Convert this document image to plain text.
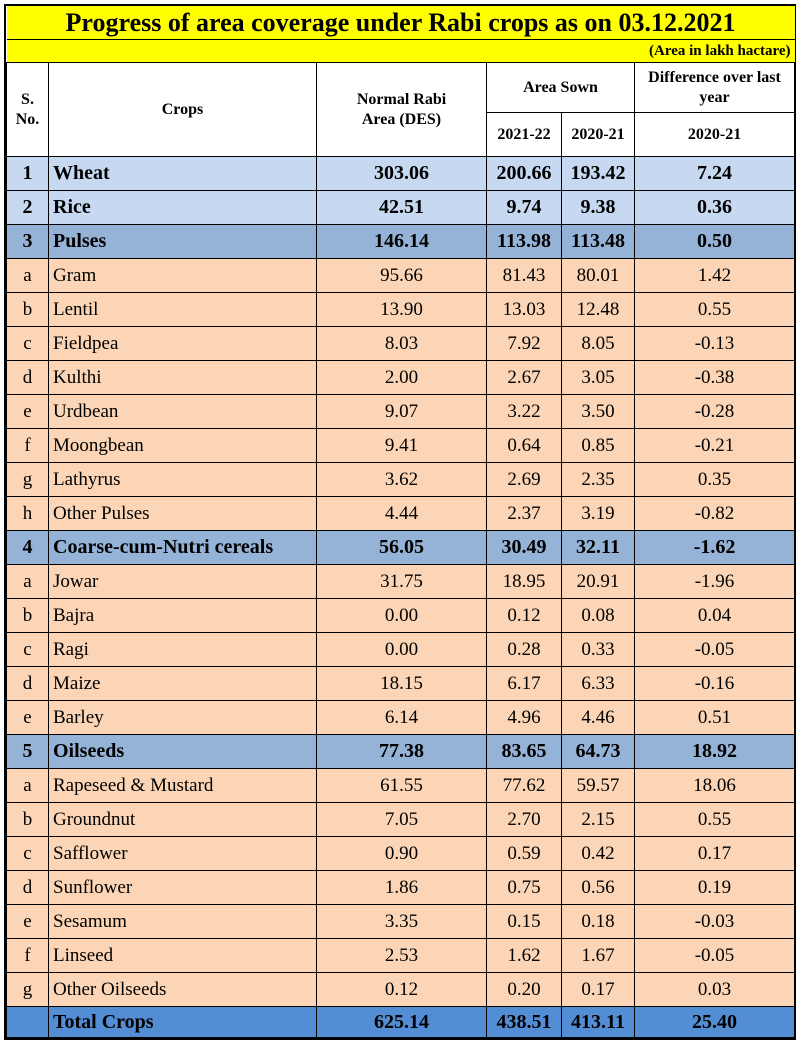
Progress of area coverage under Rabi crops as on 03.12.2021					
(Area in lakh hactare)					
S. No.	Crops	Normal Rabi Area (DES)	Area Sown		Difference over last year
			2021-22	2020-21	2020-21
1	Wheat	303.06	200.66	193.42	7.24
2	Rice	42.51	9.74	9.38	0.36
3	Pulses	146.14	113.98	113.48	0.50
a	Gram	95.66	81.43	80.01	1.42
b	Lentil	13.90	13.03	12.48	0.55
c	Fieldpea	8.03	7.92	8.05	-0.13
d	Kulthi	2.00	2.67	3.05	-0.38
e	Urdbean	9.07	3.22	3.50	-0.28
f	Moongbean	9.41	0.64	0.85	-0.21
g	Lathyrus	3.62	2.69	2.35	0.35
h	Other Pulses	4.44	2.37	3.19	-0.82
4	Coarse-cum-Nutri cereals	56.05	30.49	32.11	-1.62
a	Jowar	31.75	18.95	20.91	-1.96
b	Bajra	0.00	0.12	0.08	0.04
c	Ragi	0.00	0.28	0.33	-0.05
d	Maize	18.15	6.17	6.33	-0.16
e	Barley	6.14	4.96	4.46	0.51
5	Oilseeds	77.38	83.65	64.73	18.92
a	Rapeseed & Mustard	61.55	77.62	59.57	18.06
b	Groundnut	7.05	2.70	2.15	0.55
c	Safflower	0.90	0.59	0.42	0.17
d	Sunflower	1.86	0.75	0.56	0.19
e	Sesamum	3.35	0.15	0.18	-0.03
f	Linseed	2.53	1.62	1.67	-0.05
g	Other Oilseeds	0.12	0.20	0.17	0.03
	Total Crops	625.14	438.51	413.11	25.40
